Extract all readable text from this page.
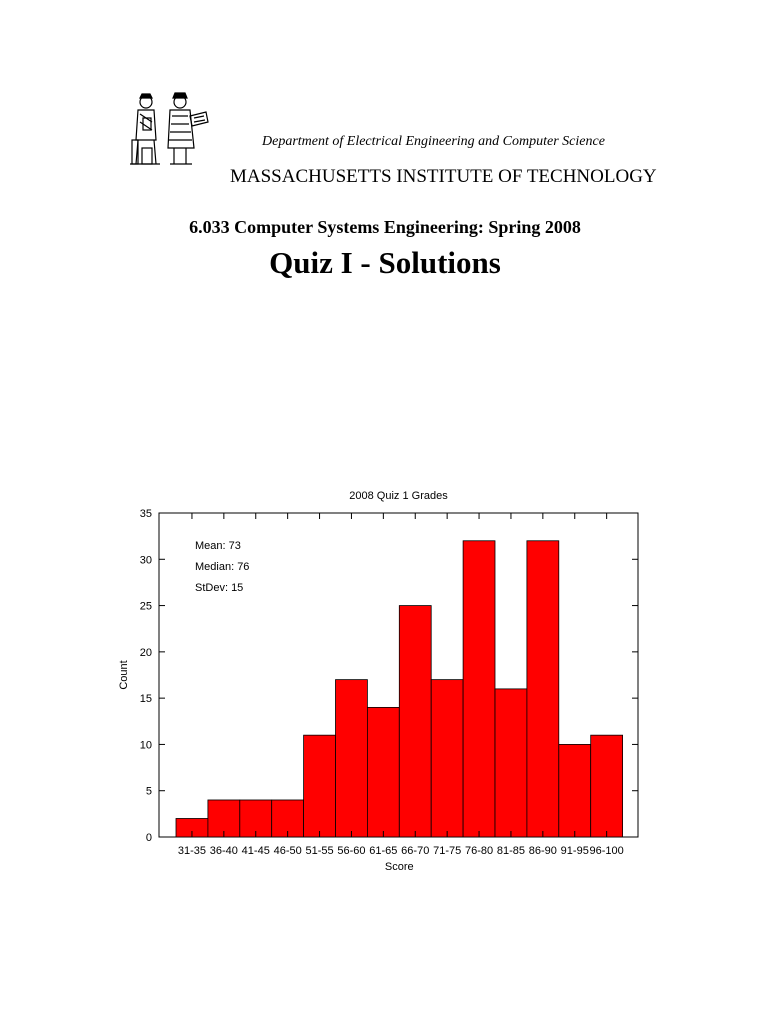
Department of Electrical Engineering and Computer Science
MASSACHUSETTS INSTITUTE OF TECHNOLOGY
6.033 Computer Systems Engineering: Spring 2008
Quiz I - Solutions
2008 Quiz 1 Grades
0
5
10
15
20
25
30
35
Count
31-35 36-40 41-45 46-50 51-55 56-60 61-65 66-70 71-75 76-80 81-85 86-90 91-95 96-100
Score
Mean: 73
Median: 76
StDev: 15
